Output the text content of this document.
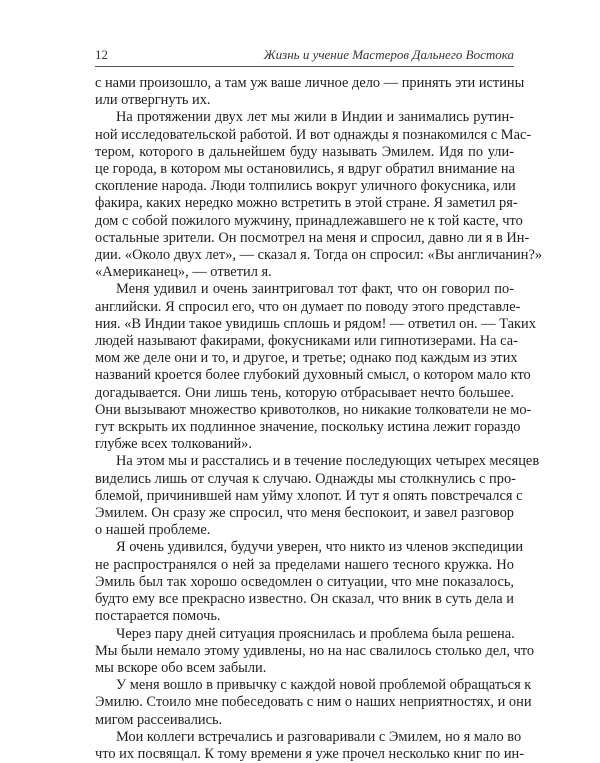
12	Жизнь и учение Мастеров Дальнего Востока

с нами произошло, а там уж ваше личное дело — принять эти истины
или отвергнуть их.

На протяжении двух лет мы жили в Индии и занимались рутин-
ной исследовательской работой. И вот однажды я познакомился с Мас-
тером, которого в дальнейшем буду называть Эмилем. Идя по ули-
це города, в котором мы остановились, я вдруг обратил внимание на
скопление народа. Люди толпились вокруг уличного фокусника, или
факира, каких нередко можно встретить в этой стране. Я заметил ря-
дом с собой пожилого мужчину, принадлежавшего не к той касте, что
остальные зрители. Он посмотрел на меня и спросил, давно ли я в Ин-
дии. «Около двух лет», — сказал я. Тогда он спросил: «Вы англичанин?»
«Американец», — ответил я.

Меня удивил и очень заинтриговал тот факт, что он говорил по-
английски. Я спросил его, что он думает по поводу этого представле-
ния. «В Индии такое увидишь сплошь и рядом! — ответил он. — Таких
людей называют факирами, фокусниками или гипнотизерами. На са-
мом же деле они и то, и другое, и третье; однако под каждым из этих
названий кроется более глубокий духовный смысл, о котором мало кто
догадывается. Они лишь тень, которую отбрасывает нечто большее.
Они вызывают множество кривотолков, но никакие толкователи не мо-
гут вскрыть их подлинное значение, поскольку истина лежит гораздо
глубже всех толкований».

На этом мы и расстались и в течение последующих четырех месяцев
виделись лишь от случая к случаю. Однажды мы столкнулись с про-
блемой, причинившей нам уйму хлопот. И тут я опять повстречался с
Эмилем. Он сразу же спросил, что меня беспокоит, и завел разговор
о нашей проблеме.

Я очень удивился, будучи уверен, что никто из членов экспедиции
не распространялся о ней за пределами нашего тесного кружка. Но
Эмиль был так хорошо осведомлен о ситуации, что мне показалось,
будто ему все прекрасно известно. Он сказал, что вник в суть дела и
постарается помочь.

Через пару дней ситуация прояснилась и проблема была решена.
Мы были немало этому удивлены, но на нас свалилось столько дел, что
мы вскоре обо всем забыли.

У меня вошло в привычку с каждой новой проблемой обращаться к
Эмилю. Стоило мне побеседовать с ним о наших неприятностях, и они
мигом рассеивались.

Мои коллеги встречались и разговаривали с Эмилем, но я мало во
что их посвящал. К тому времени я уже прочел несколько книг по ин-
